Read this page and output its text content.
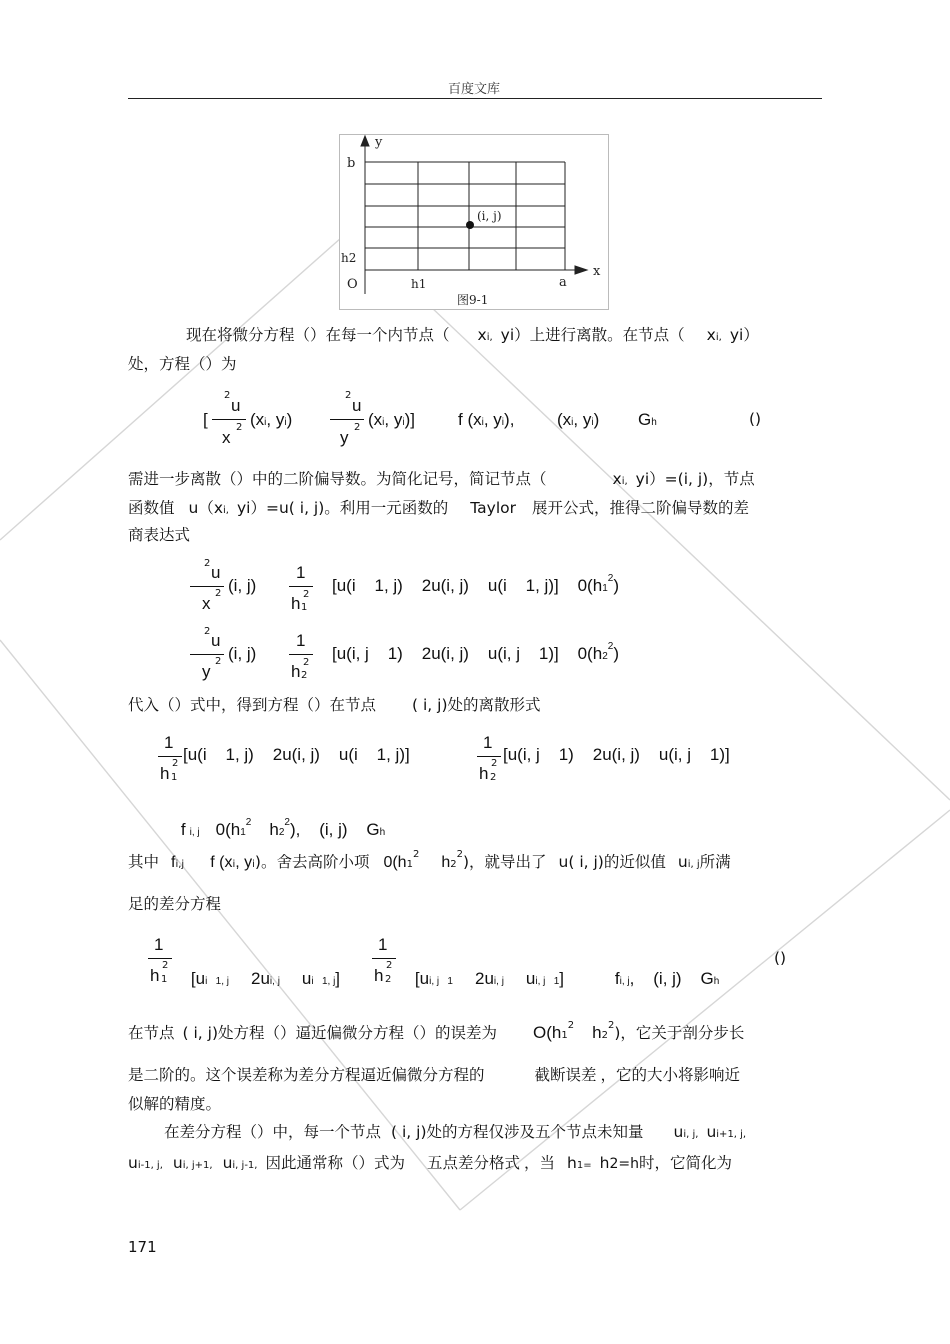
百度文库
y
x
b
h2
O	h1	a
(i, j)
图9-1
现在将微分方程（）在每一个内节点（ xi, yi）上进行离散。在节点（ xi, yi）
处，方程（）为
[
2
u
x
2 (xi, yi)
2
u
y
2 (xi, yi)]	f (xi, yi),	(xi, yi) Gh	()
需进一步离散（）中的二阶偏导数。为简化记号，简记节点（	xi, yi）=(i, j)，节点
函数值 u（xi, yi）=u( i, j)。利用一元函数的 Taylor 展开公式，推得二阶偏导数的差
商表达式
2 u
x
2 (i, j)
1
h 2
1
[u(i    1, j)    2u(i, j)    u(i    1, j)]    $0(h1^2)$
2 u
y
2 (i, j)
1
h 2
2
[u(i, j    1)    2u(i, j)    u(i, j    1)]    $0(h2^2)$
代入（）式中，得到方程（）在节点 ( i, j)处的离散形式
1
h
2
1
[u(i    1, j)    2u(i, j)    u(i    1, j)]
1
h
2
2
[u(i, j    1)    2u(i, j)    u(i, j    1)]

fi, j $0(h1^2$ $h2^2$),    (i, j)    Gh

其中 fi,j f (xi, yi)。舍去高阶小项 $0(h1^2$ $h2^2$)，就导出了 u( i, j)的近似值 ui, j所满
足的差分方程
1
h
2
1	[ui   1, j 2ui, j ui   1, j]

1
h
2
2	[ui, j   1 2ui, j ui, j   1]
	fi, j,    (i, j)    Gh

()
在节点 ( i, j)处方程（）逼近偏微分方程（）的误差为 $O(h1^2$ $h2^2$)，它关于剖分步长
是二阶的。这个误差称为差分方程逼近偏微分方程的	截断误差 ，它的大小将影响近
似解的精度。
在差分方程（）中，每一个节点 ( i, j)处的方程仅涉及五个节点未知量 ui, j, ui+1, j,
ui-1, j, ui, j+1, ui, j-1, 因此通常称（）式为 五点差分格式 ，当 h1= h2=h时，它简化为
171
